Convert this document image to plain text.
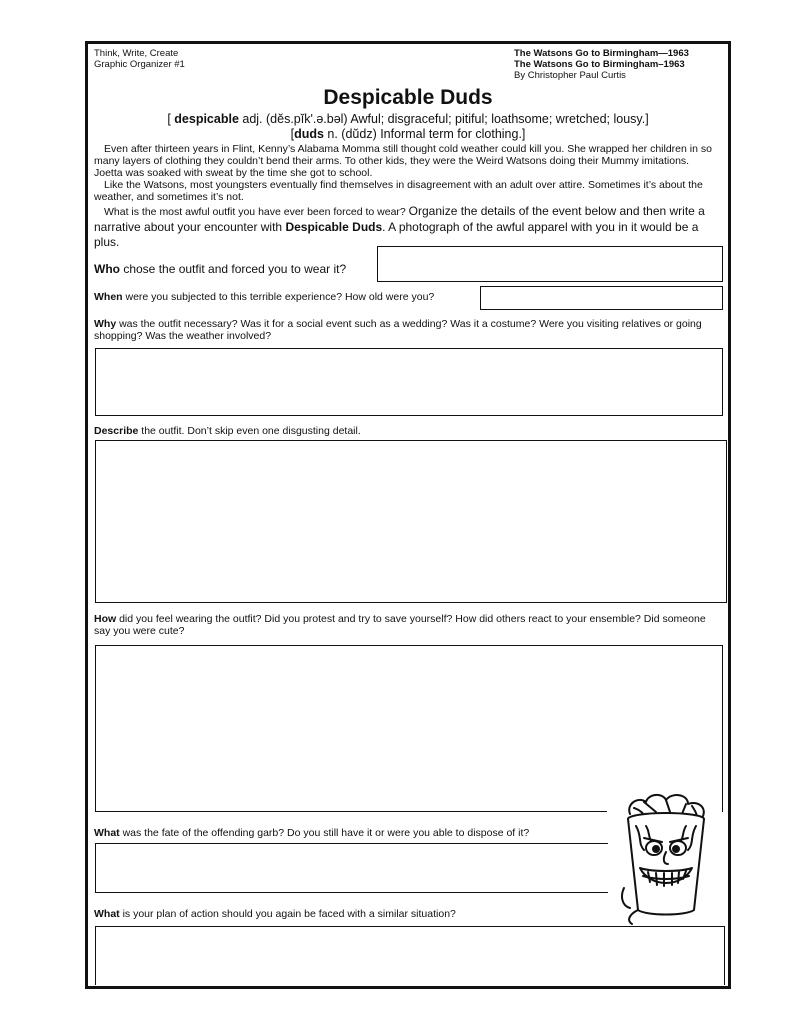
Think, Write, Create
Graphic Organizer #1
The Watsons Go to Birmingham—1963
The Watsons Go to Birmingham–1963
By Christopher Paul Curtis
Despicable Duds
[ despicable adj. (dĕs.pĭk'.ə.bəl) Awful; disgraceful; pitiful; loathsome; wretched; lousy.]
[duds n. (dŭdz) Informal term for clothing.]

Even after thirteen years in Flint, Kenny’s Alabama Momma still thought cold weather could kill you. She wrapped her children in so many layers of clothing they couldn’t bend their arms. To other kids, they were the Weird Watsons doing their Mummy imitations. Joetta was soaked with sweat by the time she got to school.

Like the Watsons, most youngsters eventually find themselves in disagreement with an adult over attire. Sometimes it’s about the weather, and sometimes it’s not.

What is the most awful outfit you have ever been forced to wear? Organize the details of the event below and then write a narrative about your encounter with Despicable Duds. A photograph of the awful apparel with you in it would be a plus.

Who chose the outfit and forced you to wear it?
When were you subjected to this terrible experience? How old were you?
Why was the outfit necessary? Was it for a social event such as a wedding? Was it a costume? Were you visiting relatives or going shopping? Was the weather involved?
Describe the outfit. Don’t skip even one disgusting detail.
How did you feel wearing the outfit? Did you protest and try to save yourself? How did others react to your ensemble? Did someone say you were cute?
What was the fate of the offending garb? Do you still have it or were you able to dispose of it?
What is your plan of action should you again be faced with a similar situation?
